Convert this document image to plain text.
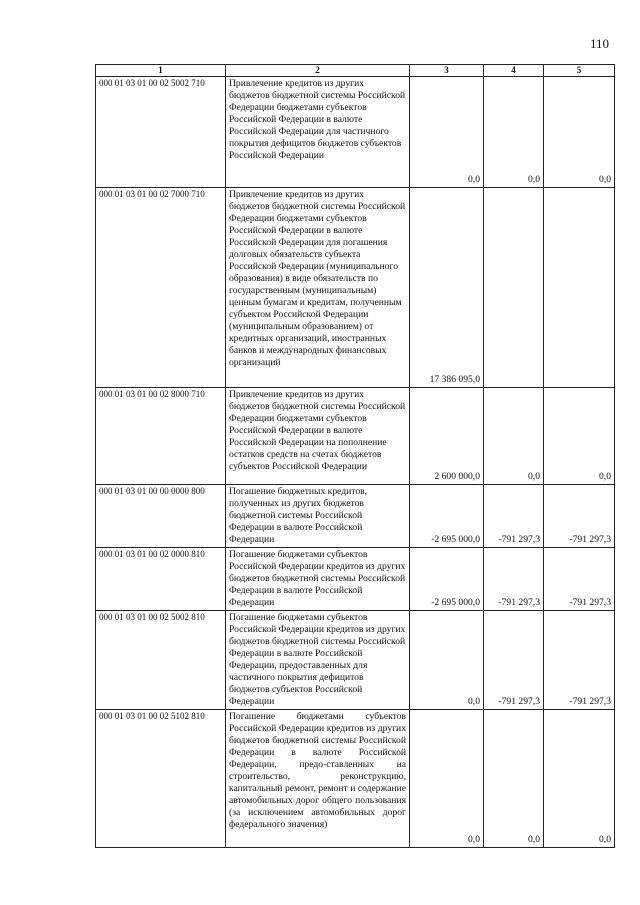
110
1	2	3	4	5
000 01 03 01 00 02 5002 710	Привлечение кредитов из других бюджетов бюджетной системы Российской Федерации бюджетами субъектов Российской Федерации в валюте Российской Федерации для частичного покрытия дефицитов бюджетов субъектов Российской Федерации	0,0	0,0	0,0
000 01 03 01 00 02 7000 710	Привлечение кредитов из других бюджетов бюджетной системы Российской Федерации бюджетами субъектов Российской Федерации в валюте Российской Федерации для погашения долговых обязательств субъекта Российской Федерации (муниципального образования) в виде обязательств по государственным (муниципальным) ценным бумагам и кредитам, полученным субъектом Российской Федерации (муниципальным образованием) от кредитных организаций, иностранных банков и международных финансовых организаций	17 386 095,0		
000 01 03 01 00 02 8000 710	Привлечение кредитов из других бюджетов бюджетной системы Российской Федерации бюджетами субъектов Российской Федерации в валюте Российской Федерации на пополнение остатков средств на счетах бюджетов субъектов Российской Федерации	2 600 000,0	0,0	0,0
000 01 03 01 00 00 0000 800	Погашение бюджетных кредитов, полученных из других бюджетов бюджетной системы Российской Федерации в валюте Российской Федерации	-2 695 000,0	-791 297,3	-791 297,3
000 01 03 01 00 02 0000 810	Погашение бюджетами субъектов Российской Федерации кредитов из других бюджетов бюджетной системы Российской Федерации в валюте Российской Федерации	-2 695 000,0	-791 297,3	-791 297,3
000 01 03 01 00 02 5002 810	Погашение бюджетами субъектов Российской Федерации кредитов из других бюджетов бюджетной системы Российской Федерации в валюте Российской Федерации, предоставленных для частичного покрытия дефицитов бюджетов субъектов Российской Федерации	0,0	-791 297,3	-791 297,3
000 01 03 01 00 02 5102 810	Погашение бюджетами субъектов Российской Федерации кредитов из других бюджетов бюджетной системы Российской Федерации в валюте Российской Федерации, предо-ставленных на строительство, реконструкцию, капитальный ремонт, ремонт и содержание автомобильных дорог общего пользования (за исключением автомобильных дорог федерального значения)	0,0	0,0	0,0
